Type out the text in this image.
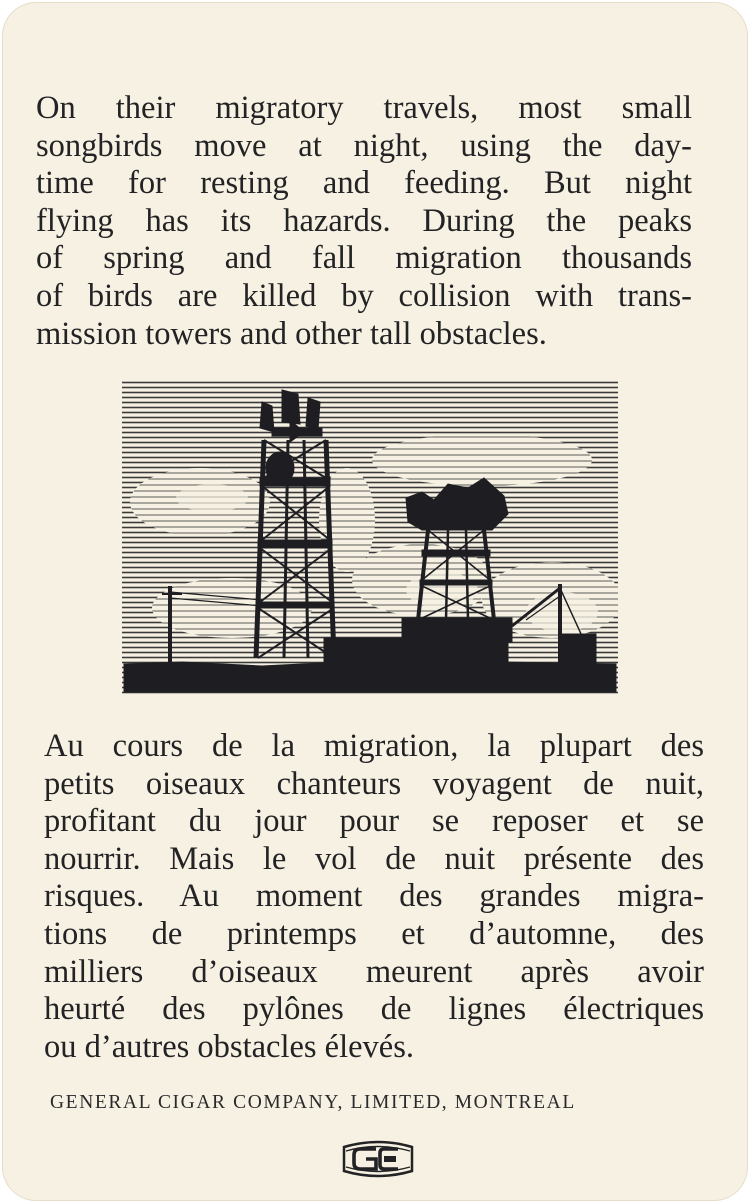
On their migratory travels, most small
songbirds move at night, using the day-
time for resting and feeding. But night
flying has its hazards. During the peaks
of spring and fall migration thousands
of birds are killed by collision with trans-
mission towers and other tall obstacles.
Au cours de la migration, la plupart des
petits oiseaux chanteurs voyagent de nuit,
profitant du jour pour se reposer et se
nourrir. Mais le vol de nuit présente des
risques. Au moment des grandes migra-
tions de printemps et d’automne, des
milliers d’oiseaux meurent après avoir
heurté des pylônes de lignes électriques
ou d’autres obstacles élevés.
GENERAL CIGAR COMPANY, LIMITED, MONTREAL
